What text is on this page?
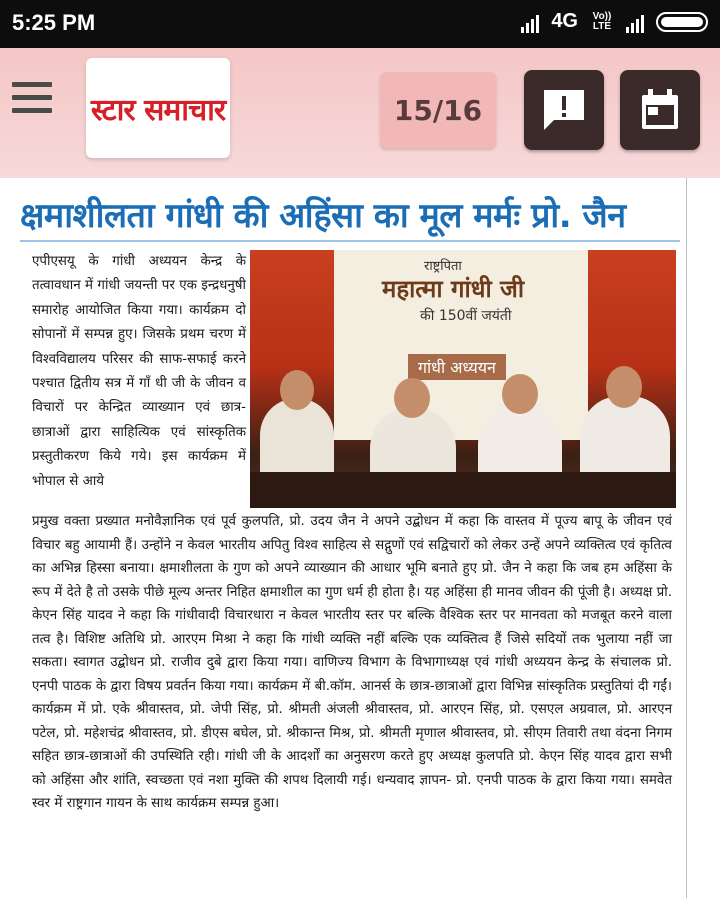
5:25 PM	4G Vo)) LTE
स्टार समाचार	15/16
क्षमाशीलता गांधी की अहिंसा का मूल मर्मः प्रो. जैन
एपीएसयू के गांधी अध्ययन केन्द्र के तत्वावधान में गांधी जयन्ती पर एक इन्द्रधनुषी समारोह आयोजित किया गया। कार्यक्रम दो सोपानों में सम्पन्न हुए। जिसके प्रथम चरण में विश्वविद्यालय परिसर की साफ-सफाई करने पश्चात द्वितीय सत्र में गाँ धी जी के जीवन व विचारों पर केन्द्रित व्याख्यान एवं छात्र-छात्राओं द्वारा साहित्यिक एवं सांस्कृतिक प्रस्तुतीकरण किये गये। इस कार्यक्रम में भोपाल से आये
राष्ट्रपिता
महात्मा गांधी जी
की 150वीं जयंती
गांधी अध्ययन
प्रमुख वक्ता प्रख्यात मनोवैज्ञानिक एवं पूर्व कुलपति, प्रो. उदय जैन ने अपने उद्बोधन में कहा कि वास्तव में पूज्य बापू के जीवन एवं विचार बहु आयामी हैं। उन्होंने न केवल भारतीय अपितु विश्व साहित्य से सद्गुणों एवं सद्विचारों को लेकर उन्हें अपने व्यक्तित्व एवं कृतित्व का अभिन्न हिस्सा बनाया। क्षमाशीलता के गुण को अपने व्याख्यान की आधार भूमि बनाते हुए प्रो. जैन ने कहा कि जब हम अहिंसा के रूप में देते है तो उसके पीछे मूल्य अन्तर निहित क्षमाशील का गुण धर्म ही होता है। यह अहिंसा ही मानव जीवन की पूंजी है। अध्यक्ष प्रो. केएन सिंह यादव ने कहा कि गांधीवादी विचारधारा न केवल भारतीय स्तर पर बल्कि वैश्विक स्तर पर मानवता को मजबूत करने वाला तत्व है। विशिष्ट अतिथि प्रो. आरएम मिश्रा ने कहा कि गांधी व्यक्ति नहीं बल्कि एक व्यक्तित्व हैं जिसे सदियों तक भुलाया नहीं जा सकता। स्वागत उद्बोधन प्रो. राजीव दुबे द्वारा किया गया। वाणिज्य विभाग के विभागाध्यक्ष एवं गांधी अध्ययन केन्द्र के संचालक प्रो. एनपी पाठक के द्वारा विषय प्रवर्तन किया गया। कार्यक्रम में बी.कॉम. आनर्स के छात्र-छात्राओं द्वारा विभिन्न सांस्कृतिक प्रस्तुतियां दी गईं। कार्यक्रम में प्रो. एके श्रीवास्तव, प्रो. जेपी सिंह, प्रो. श्रीमती अंजली श्रीवास्तव, प्रो. आरएन सिंह, प्रो. एसएल अग्रवाल, प्रो. आरएन पटेल, प्रो. महेशचंद्र श्रीवास्तव, प्रो. डीएस बघेल, प्रो. श्रीकान्त मिश्र, प्रो. श्रीमती मृणाल श्रीवास्तव, प्रो. सीएम तिवारी तथा वंदना निगम सहित छात्र-छात्राओं की उपस्थिति रही। गांधी जी के आदर्शों का अनुसरण करते हुए अध्यक्ष कुलपति प्रो. केएन सिंह यादव द्वारा सभी को अहिंसा और शांति, स्वच्छता एवं नशा मुक्ति की शपथ दिलायी गई। धन्यवाद ज्ञापन- प्रो. एनपी पाठक के द्वारा किया गया। समवेत स्वर में राष्ट्रगान गायन के साथ कार्यक्रम सम्पन्न हुआ।
